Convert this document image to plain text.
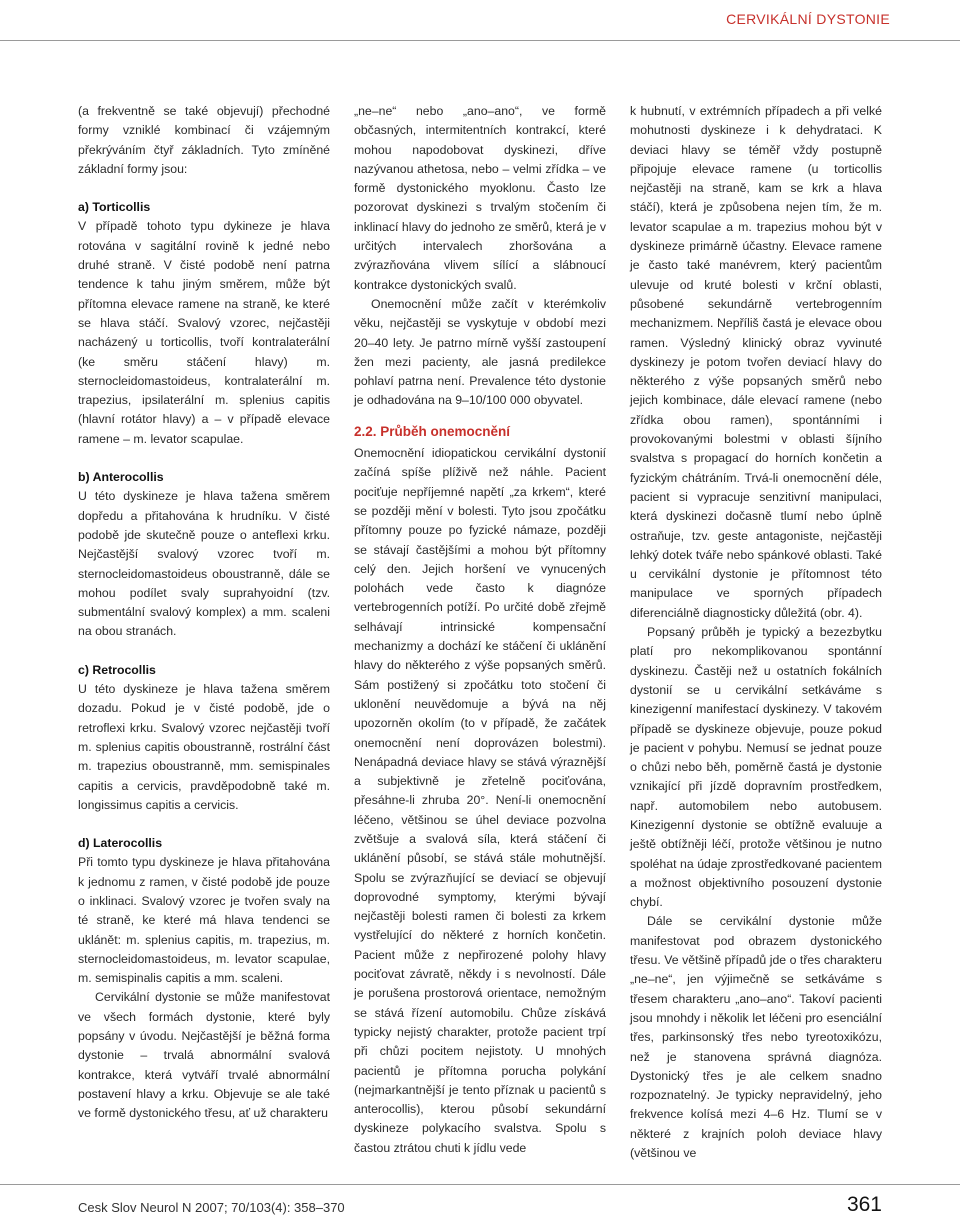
CERVIKÁLNÍ DYSTONIE

(a frekventně se také objevují) přechodné formy vzniklé kombinací či vzájemným překrýváním čtyř základních. Tyto zmíněné základní formy jsou:

a) Torticollis

V případě tohoto typu dykineze je hlava rotována v sagitální rovině k jedné nebo druhé straně. V čisté podobě není patrna tendence k tahu jiným směrem, může být přítomna elevace ramene na straně, ke které se hlava stáčí. Svalový vzorec, nejčastěji nacházený u torticollis, tvoří kontralaterální (ke směru stáčení hlavy) m. sternocleidomastoideus, kontralaterální m. trapezius, ipsilaterální m. splenius capitis (hlavní rotátor hlavy) a – v případě elevace ramene – m. levator scapulae.

b) Anterocollis

U této dyskineze je hlava tažena směrem dopředu a přitahována k hrudníku. V čisté podobě jde skutečně pouze o anteflexi krku. Nejčastější svalový vzorec tvoří m. sternocleidomastoideus oboustranně, dále se mohou podílet svaly suprahyoidní (tzv. submentální svalový komplex) a mm. scaleni na obou stranách.

c) Retrocollis

U této dyskineze je hlava tažena směrem dozadu. Pokud je v čisté podobě, jde o retroflexi krku. Svalový vzorec nejčastěji tvoří m. splenius capitis oboustranně, rostrální část m. trapezius oboustranně, mm. semispinales capitis a cervicis, pravděpodobně také m. longissimus capitis a cervicis.

d) Laterocollis

Při tomto typu dyskineze je hlava přitahována k jednomu z ramen, v čisté podobě jde pouze o inklinaci. Svalový vzorec je tvořen svaly na té straně, ke které má hlava tendenci se uklánět: m. splenius capitis, m. trapezius, m. sternocleidomastoideus, m. levator scapulae, m. semispinalis capitis a mm. scaleni.

Cervikální dystonie se může manifestovat ve všech formách dystonie, které byly popsány v úvodu. Nejčastější je běžná forma dystonie – trvalá abnormální svalová kontrakce, která vytváří trvalé abnormální postavení hlavy a krku. Objevuje se ale také ve formě dystonického třesu, ať už charakteru

„ne–ne“ nebo „ano–ano“, ve formě občasných, intermitentních kontrakcí, které mohou napodobovat dyskinezi, dříve nazývanou athetosa, nebo – velmi zřídka – ve formě dystonického myoklonu. Často lze pozorovat dyskinezi s trvalým stočením či inklinací hlavy do jednoho ze směrů, která je v určitých intervalech zhoršována a zvýrazňována vlivem sílící a slábnoucí kontrakce dystonických svalů.

Onemocnění může začít v kterémkoliv věku, nejčastěji se vyskytuje v období mezi 20–40 lety. Je patrno mírně vyšší zastoupení žen mezi pacienty, ale jasná predilekce pohlaví patrna není. Prevalence této dystonie je odhadována na 9–10/100 000 obyvatel.

2.2. Průběh onemocnění

Onemocnění idiopatickou cervikální dystonií začíná spíše plíživě než náhle. Pacient pociťuje nepříjemné napětí „za krkem“, které se později mění v bolesti. Tyto jsou zpočátku přítomny pouze po fyzické námaze, později se stávají častějšími a mohou být přítomny celý den. Jejich horšení ve vynucených polohách vede často k diagnóze vertebrogenních potíží. Po určité době zřejmě selhávají intrinsické kompensační mechanizmy a dochází ke stáčení či uklánění hlavy do některého z výše popsaných směrů. Sám postižený si zpočátku toto stočení či uklonění neuvědomuje a bývá na něj upozorněn okolím (to v případě, že začátek onemocnění není doprovázen bolestmi). Nenápadná deviace hlavy se stává výraznější a subjektivně je zřetelně pociťována, přesáhne-li zhruba 20°. Není-li onemocnění léčeno, většinou se úhel deviace pozvolna zvětšuje a svalová síla, která stáčení či uklánění působí, se stává stále mohutnější. Spolu se zvýrazňující se deviací se objevují doprovodné symptomy, kterými bývají nejčastěji bolesti ramen či bolesti za krkem vystřelující do některé z horních končetin. Pacient může z nepřirozené polohy hlavy pociťovat závratě, někdy i s nevolností. Dále je porušena prostorová orientace, nemožným se stává řízení automobilu. Chůze získává typicky nejistý charakter, protože pacient trpí při chůzi pocitem nejistoty. U mnohých pacientů je přítomna porucha polykání (nejmarkantnější je tento příznak u pacientů s anterocollis), kterou působí sekundární dyskineze polykacího svalstva. Spolu s častou ztrátou chuti k jídlu vede

k hubnutí, v extrémních případech a při velké mohutnosti dyskineze i k dehydrataci. K deviaci hlavy se téměř vždy postupně připojuje elevace ramene (u torticollis nejčastěji na straně, kam se krk a hlava stáčí), která je způsobena nejen tím, že m. levator scapulae a m. trapezius mohou být v dyskineze primárně účastny. Elevace ramene je často také manévrem, který pacientům ulevuje od kruté bolesti v krční oblasti, působené sekundárně vertebrogenním mechanizmem. Nepříliš častá je elevace obou ramen. Výsledný klinický obraz vyvinuté dyskinezy je potom tvořen deviací hlavy do některého z výše popsaných směrů nebo jejich kombinace, dále elevací ramene (nebo zřídka obou ramen), spontánními i provokovanými bolestmi v oblasti šíjního svalstva s propagací do horních končetin a fyzickým chátráním. Trvá-li onemocnění déle, pacient si vypracuje senzitivní manipulaci, která dyskinezi dočasně tlumí nebo úplně ostraňuje, tzv. geste antagoniste, nejčastěji lehký dotek tváře nebo spánkové oblasti. Také u cervikální dystonie je přítomnost této manipulace ve sporných případech diferenciálně diagnosticky důležitá (obr. 4).

Popsaný průběh je typický a bezezbytku platí pro nekomplikovanou spontánní dyskinezu. Častěji než u ostatních fokálních dystonií se u cervikální setkáváme s kinezigenní manifestací dyskinezy. V takovém případě se dyskineze objevuje, pouze pokud je pacient v pohybu. Nemusí se jednat pouze o chůzi nebo běh, poměrně častá je dystonie vznikající při jízdě dopravním prostředkem, např. automobilem nebo autobusem. Kinezigenní dystonie se obtížně evaluuje a ještě obtížněji léčí, protože většinou je nutno spoléhat na údaje zprostředkované pacientem a možnost objektivního posouzení dystonie chybí.

Dále se cervikální dystonie může manifestovat pod obrazem dystonického třesu. Ve většině případů jde o třes charakteru „ne–ne“, jen výjimečně se setkáváme s třesem charakteru „ano–ano“. Takoví pacienti jsou mnohdy i několik let léčeni pro esenciální třes, parkinsonský třes nebo tyreotoxikózu, než je stanovena správná diagnóza. Dystonický třes je ale celkem snadno rozpoznatelný. Je typicky nepravidelný, jeho frekvence kolísá mezi 4–6 Hz. Tlumí se v některé z krajních poloh deviace hlavy (většinou ve

Cesk Slov Neurol N 2007; 70/103(4): 358–370	361
